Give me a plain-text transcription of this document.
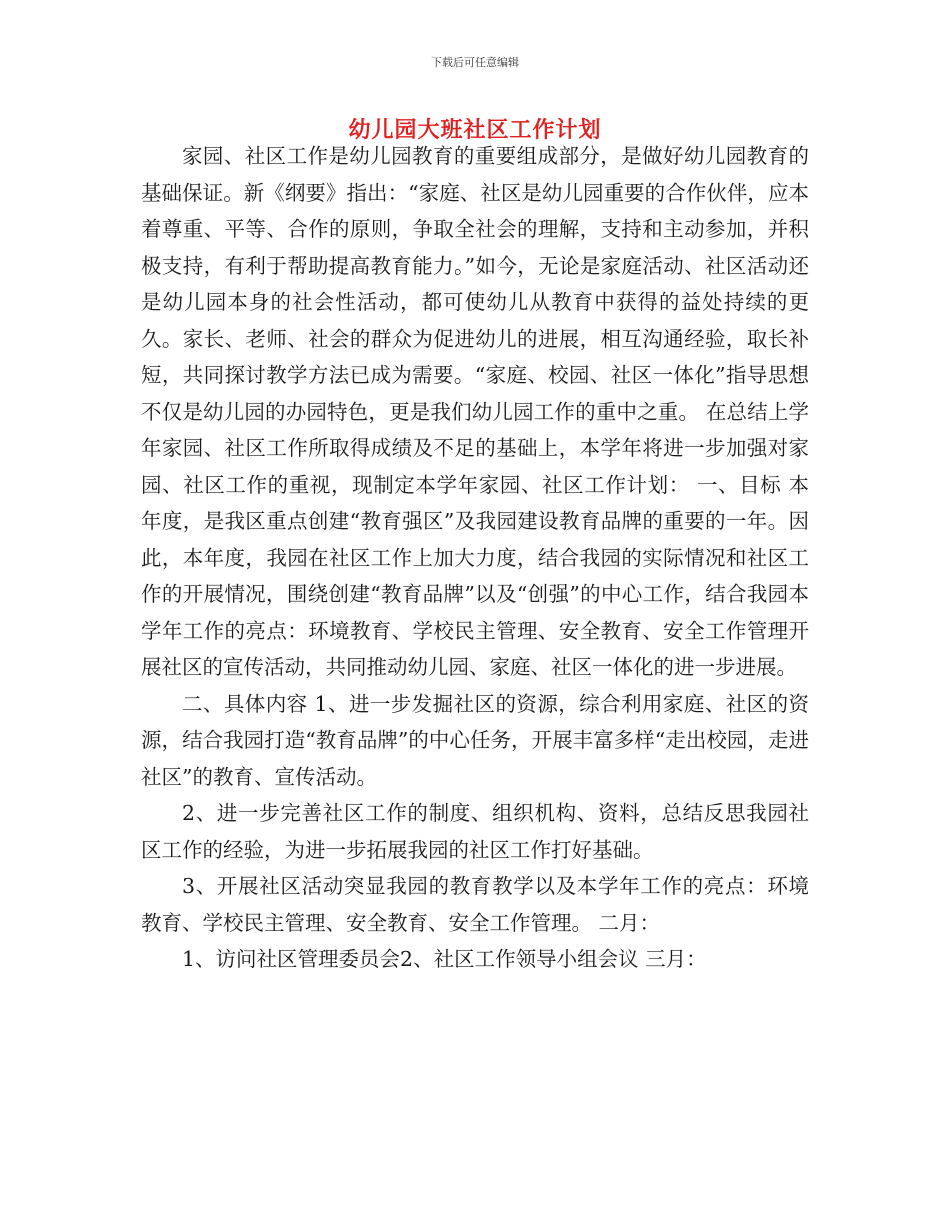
下载后可任意编辑
幼儿园大班社区工作计划

家园、社区工作是幼儿园教育的重要组成部分，是做好幼儿园教育的基础保证。新《纲要》指出：“家庭、社区是幼儿园重要的合作伙伴，应本着尊重、平等、合作的原则，争取全社会的理解，支持和主动参加，并积极支持，有利于帮助提高教育能力。”如今，无论是家庭活动、社区活动还是幼儿园本身的社会性活动，都可使幼儿从教育中获得的益处持续的更久。家长、老师、社会的群众为促进幼儿的进展，相互沟通经验，取长补短，共同探讨教学方法已成为需要。“家庭、校园、社区一体化”指导思想不仅是幼儿园的办园特色，更是我们幼儿园工作的重中之重。 在总结上学年家园、社区工作所取得成绩及不足的基础上，本学年将进一步加强对家园、社区工作的重视，现制定本学年家园、社区工作计划： 一、目标 本年度，是我区重点创建“教育强区”及我园建设教育品牌的重要的一年。因此，本年度，我园在社区工作上加大力度，结合我园的实际情况和社区工作的开展情况，围绕创建“教育品牌”以及“创强”的中心工作，结合我园本学年工作的亮点：环境教育、学校民主管理、安全教育、安全工作管理开展社区的宣传活动，共同推动幼儿园、家庭、社区一体化的进一步进展。

二、具体内容 1、进一步发掘社区的资源，综合利用家庭、社区的资源，结合我园打造“教育品牌”的中心任务，开展丰富多样“走出校园，走进社区”的教育、宣传活动。

2、进一步完善社区工作的制度、组织机构、资料，总结反思我园社区工作的经验，为进一步拓展我园的社区工作打好基础。

3、开展社区活动突显我园的教育教学以及本学年工作的亮点：环境教育、学校民主管理、安全教育、安全工作管理。 二月：

1、访问社区管理委员会2、社区工作领导小组会议 三月：
